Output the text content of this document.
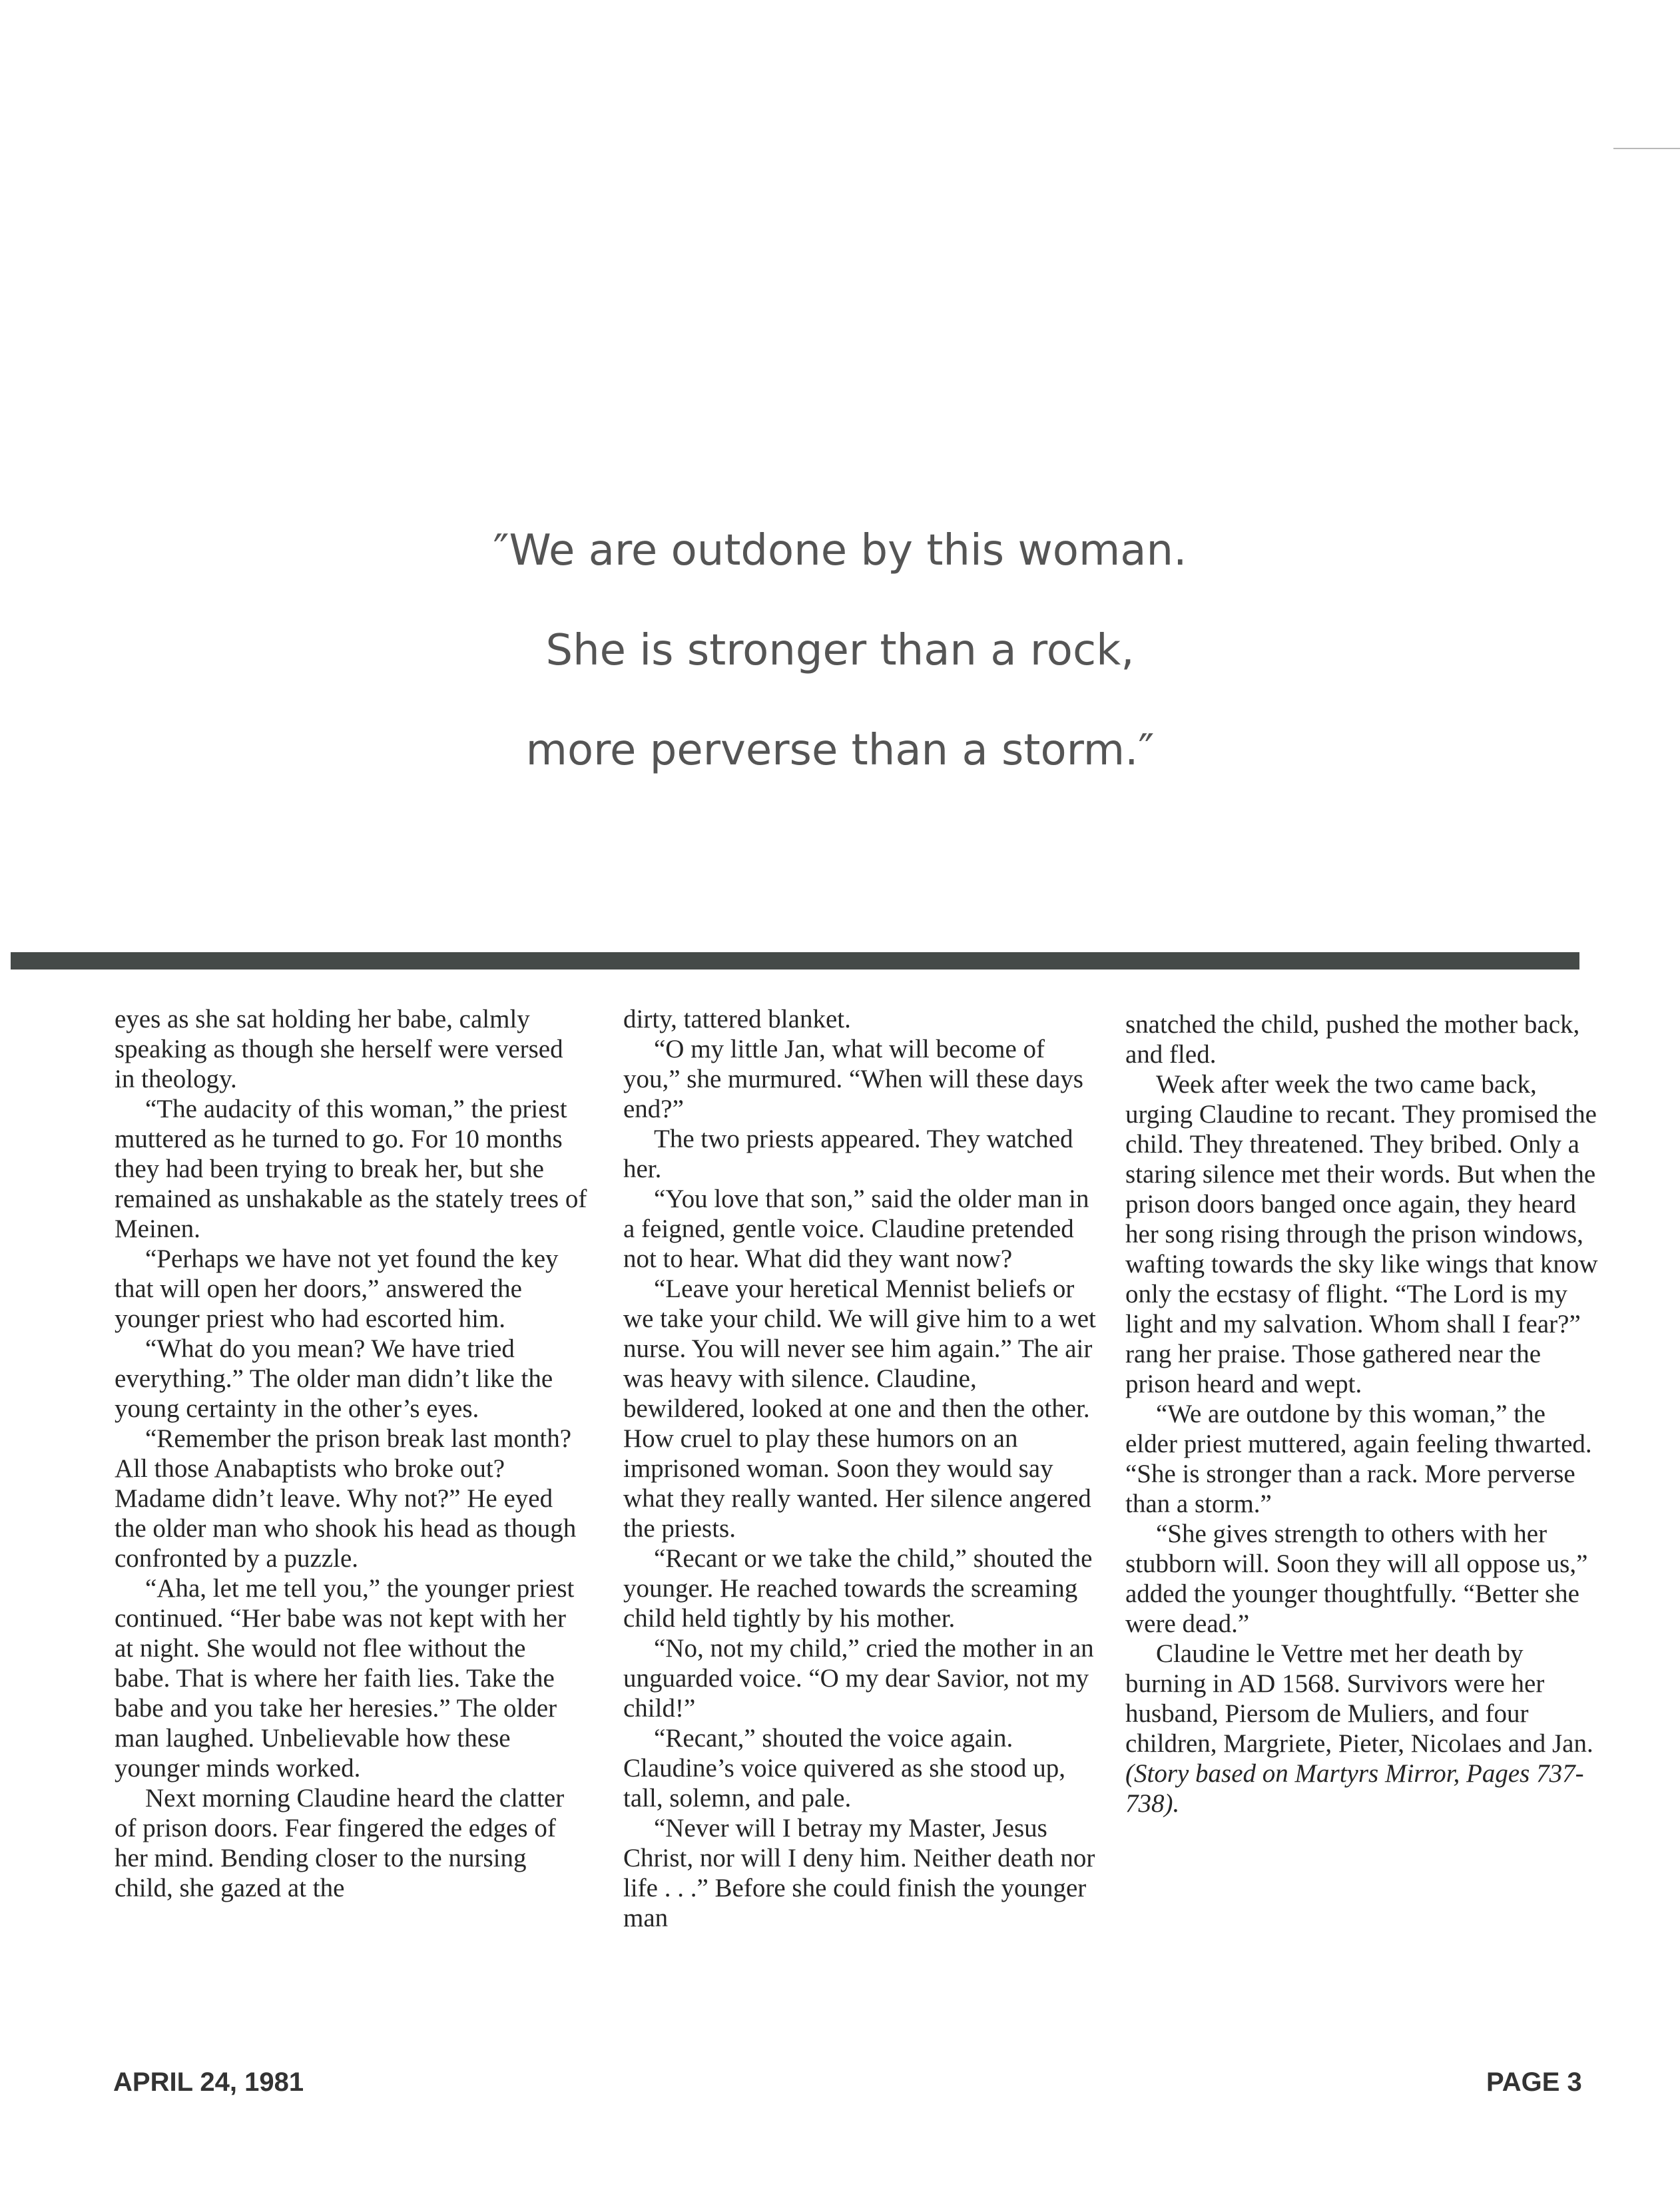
″We are outdone by this woman.
She is stronger than a rock,
more perverse than a storm.″

eyes as she sat holding her babe, calmly speaking as though she herself were versed in theology.

“The audacity of this woman,” the priest muttered as he turned to go. For 10 months they had been trying to break her, but she remained as unshakable as the stately trees of Meinen.

“Perhaps we have not yet found the key that will open her doors,” answered the younger priest who had escorted him.

“What do you mean? We have tried everything.” The older man didn’t like the young certainty in the other’s eyes.

“Remember the prison break last month? All those Anabaptists who broke out? Madame didn’t leave. Why not?” He eyed the older man who shook his head as though confronted by a puzzle.

“Aha, let me tell you,” the younger priest continued. “Her babe was not kept with her at night. She would not flee without the babe. That is where her faith lies. Take the babe and you take her heresies.” The older man laughed. Unbelievable how these younger minds worked.

Next morning Claudine heard the clatter of prison doors. Fear fingered the edges of her mind. Bending closer to the nursing child, she gazed at the

dirty, tattered blanket.

“O my little Jan, what will become of you,” she murmured. “When will these days end?”

The two priests appeared. They watched her.

“You love that son,” said the older man in a feigned, gentle voice. Claudine pretended not to hear. What did they want now?

“Leave your heretical Mennist beliefs or we take your child. We will give him to a wet nurse. You will never see him again.” The air was heavy with silence. Claudine, bewildered, looked at one and then the other. How cruel to play these humors on an imprisoned woman. Soon they would say what they really wanted. Her silence angered the priests.

“Recant or we take the child,” shouted the younger. He reached towards the screaming child held tightly by his mother.

“No, not my child,” cried the mother in an unguarded voice. “O my dear Savior, not my child!”

“Recant,” shouted the voice again. Claudine’s voice quivered as she stood up, tall, solemn, and pale.

“Never will I betray my Master, Jesus Christ, nor will I deny him. Neither death nor life . . .” Before she could finish the younger man

snatched the child, pushed the mother back, and fled.

Week after week the two came back, urging Claudine to recant. They promised the child. They threatened. They bribed. Only a staring silence met their words. But when the prison doors banged once again, they heard her song rising through the prison windows, wafting towards the sky like wings that know only the ecstasy of flight. “The Lord is my light and my salvation. Whom shall I fear?” rang her praise. Those gathered near the prison heard and wept.

“We are outdone by this woman,” the elder priest muttered, again feeling thwarted. “She is stronger than a rack. More perverse than a storm.”

“She gives strength to others with her stubborn will. Soon they will all oppose us,” added the younger thoughtfully. “Better she were dead.”

Claudine le Vettre met her death by burning in AD 1568. Survivors were her husband, Piersom de Muliers, and four children, Margriete, Pieter, Nicolaes and Jan.

(Story based on Martyrs Mirror, Pages 737-738).

APRIL 24, 1981	PAGE 3
